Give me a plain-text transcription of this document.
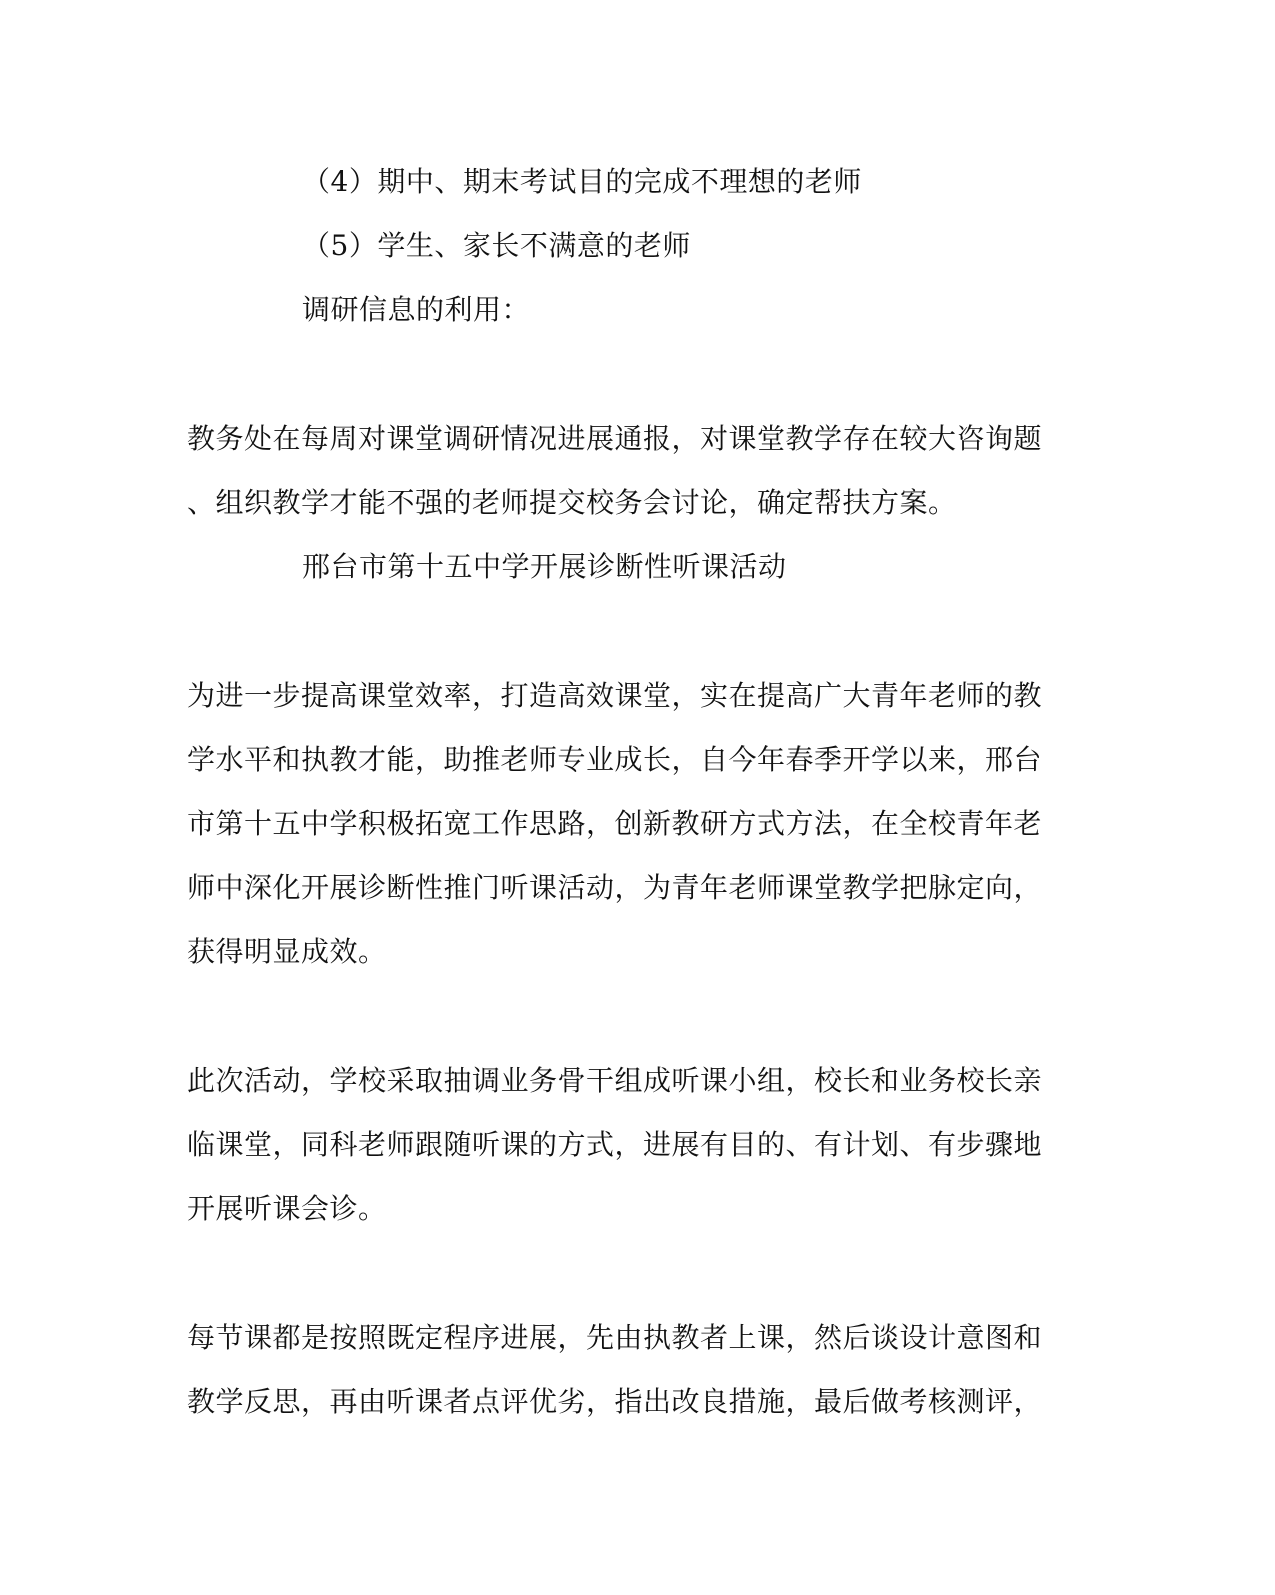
（4）期中、期末考试目的完成不理想的老师
（5）学生、家长不满意的老师
调研信息的利用：
教务处在每周对课堂调研情况进展通报，对课堂教学存在较大咨询题
、组织教学才能不强的老师提交校务会讨论，确定帮扶方案。
邢台市第十五中学开展诊断性听课活动
为进一步提高课堂效率，打造高效课堂，实在提高广大青年老师的教
学水平和执教才能，助推老师专业成长，自今年春季开学以来，邢台
市第十五中学积极拓宽工作思路，创新教研方式方法，在全校青年老
师中深化开展诊断性推门听课活动，为青年老师课堂教学把脉定向，
获得明显成效。
此次活动，学校采取抽调业务骨干组成听课小组，校长和业务校长亲
临课堂，同科老师跟随听课的方式，进展有目的、有计划、有步骤地
开展听课会诊。
每节课都是按照既定程序进展，先由执教者上课，然后谈设计意图和
教学反思，再由听课者点评优劣，指出改良措施，最后做考核测评，
